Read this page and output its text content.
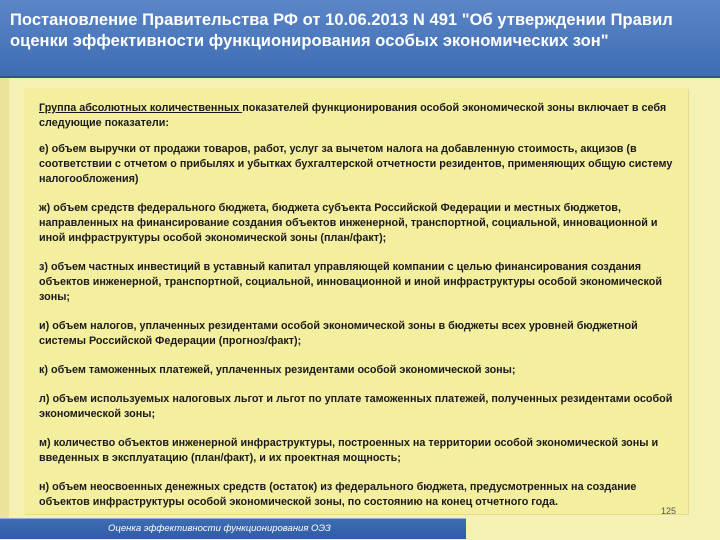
Постановление Правительства РФ от 10.06.2013 N 491 "Об утверждении Правил оценки эффективности функционирования особых экономических зон"

Группа абсолютных количественных показателей функционирования особой экономической зоны включает в себя следующие показатели:

е) объем выручки от продажи товаров, работ, услуг за вычетом налога на добавленную стоимость, акцизов (в соответствии с отчетом о прибылях и убытках бухгалтерской отчетности резидентов, применяющих общую систему налогообложения)

ж) объем средств федерального бюджета, бюджета субъекта Российской Федерации и местных бюджетов, направленных на финансирование создания объектов инженерной, транспортной, социальной, инновационной и иной инфраструктуры особой экономической зоны (план/факт);

з) объем частных инвестиций в уставный капитал управляющей компании с целью финансирования создания объектов инженерной, транспортной, социальной, инновационной и иной инфраструктуры особой экономической зоны;

и) объем налогов, уплаченных резидентами особой экономической зоны в бюджеты всех уровней бюджетной системы Российской Федерации (прогноз/факт);

к) объем таможенных платежей, уплаченных резидентами особой экономической зоны;

л) объем используемых налоговых льгот и льгот по уплате таможенных платежей, полученных резидентами особой экономической зоны;

м) количество объектов инженерной инфраструктуры, построенных на территории особой экономической зоны и введенных в эксплуатацию (план/факт), и их проектная мощность;

н) объем неосвоенных денежных средств (остаток) из федерального бюджета, предусмотренных на создание объектов инфраструктуры особой экономической зоны, по состоянию на конец отчетного года.

125
Оценка эффективности функционирования ОЭЗ
